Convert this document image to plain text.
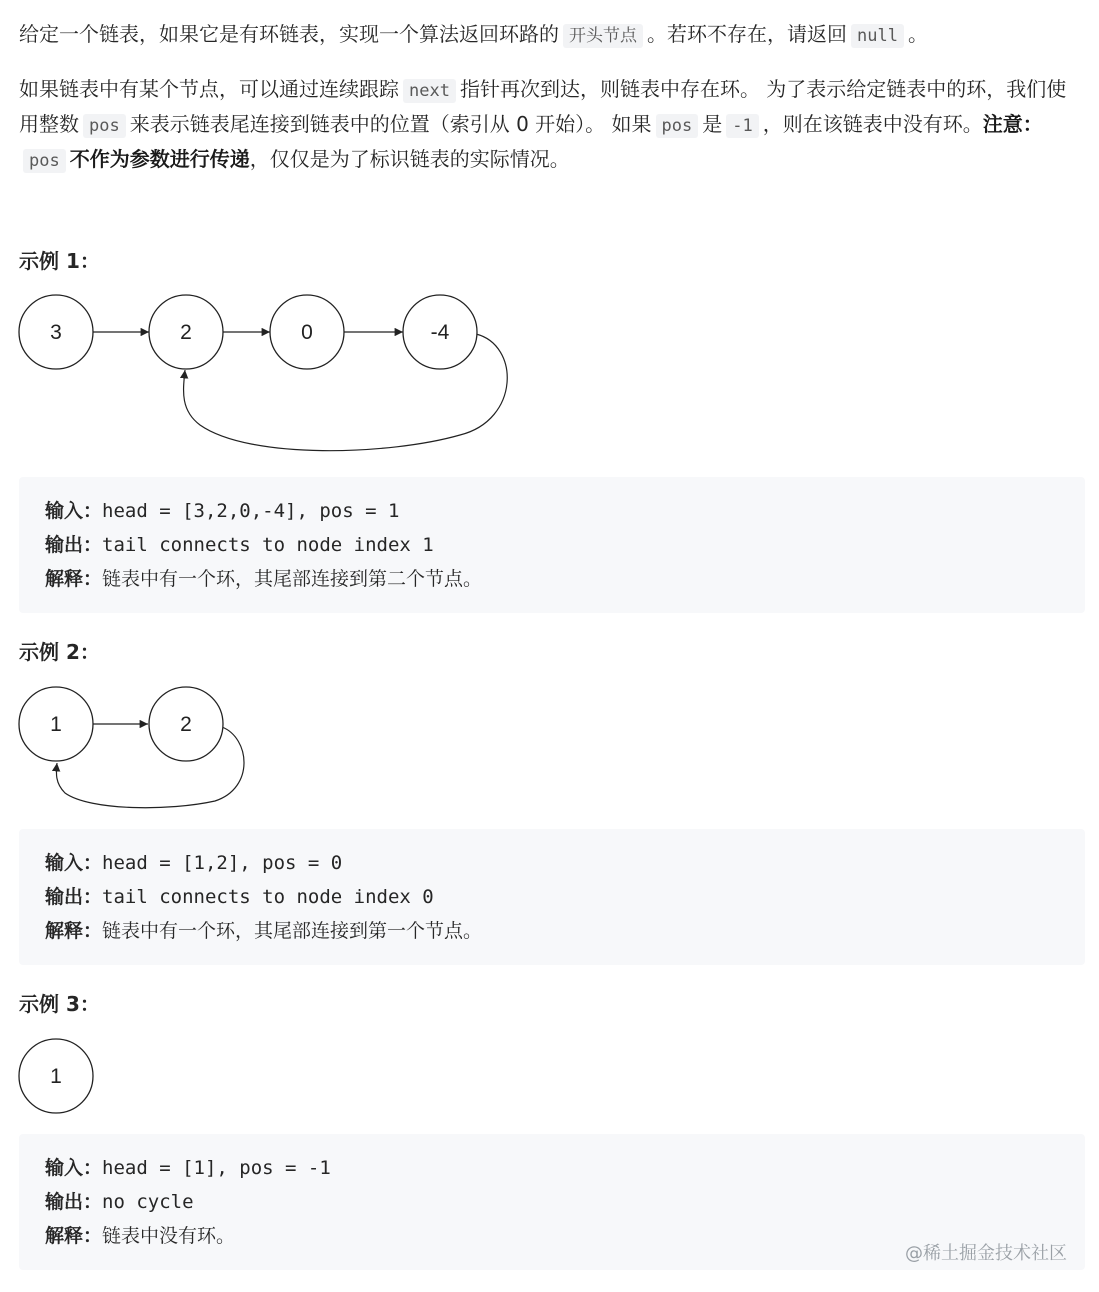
给定一个链表，如果它是有环链表，实现一个算法返回环路的 开头节点 。若环不存在，请返回 null 。

如果链表中有某个节点，可以通过连续跟踪 next 指针再次到达，则链表中存在环。 为了表示给定链表中的环，我们使用整数 pos 来表示链表尾连接到链表中的位置（索引从 0 开始）。 如果 pos 是 -1 ，则在该链表中没有环。注意：pos 不作为参数进行传递，仅仅是为了标识链表的实际情况。

示例 1：
3	2	0	-4
输入：head = [3,2,0,-4], pos = 1
输出：tail connects to node index 1
解释：链表中有一个环，其尾部连接到第二个节点。
示例 2：
1	2
输入：head = [1,2], pos = 0
输出：tail connects to node index 0
解释：链表中有一个环，其尾部连接到第一个节点。
示例 3：
1
输入：head = [1], pos = -1
输出：no cycle
解释：链表中没有环。
@稀土掘金技术社区
